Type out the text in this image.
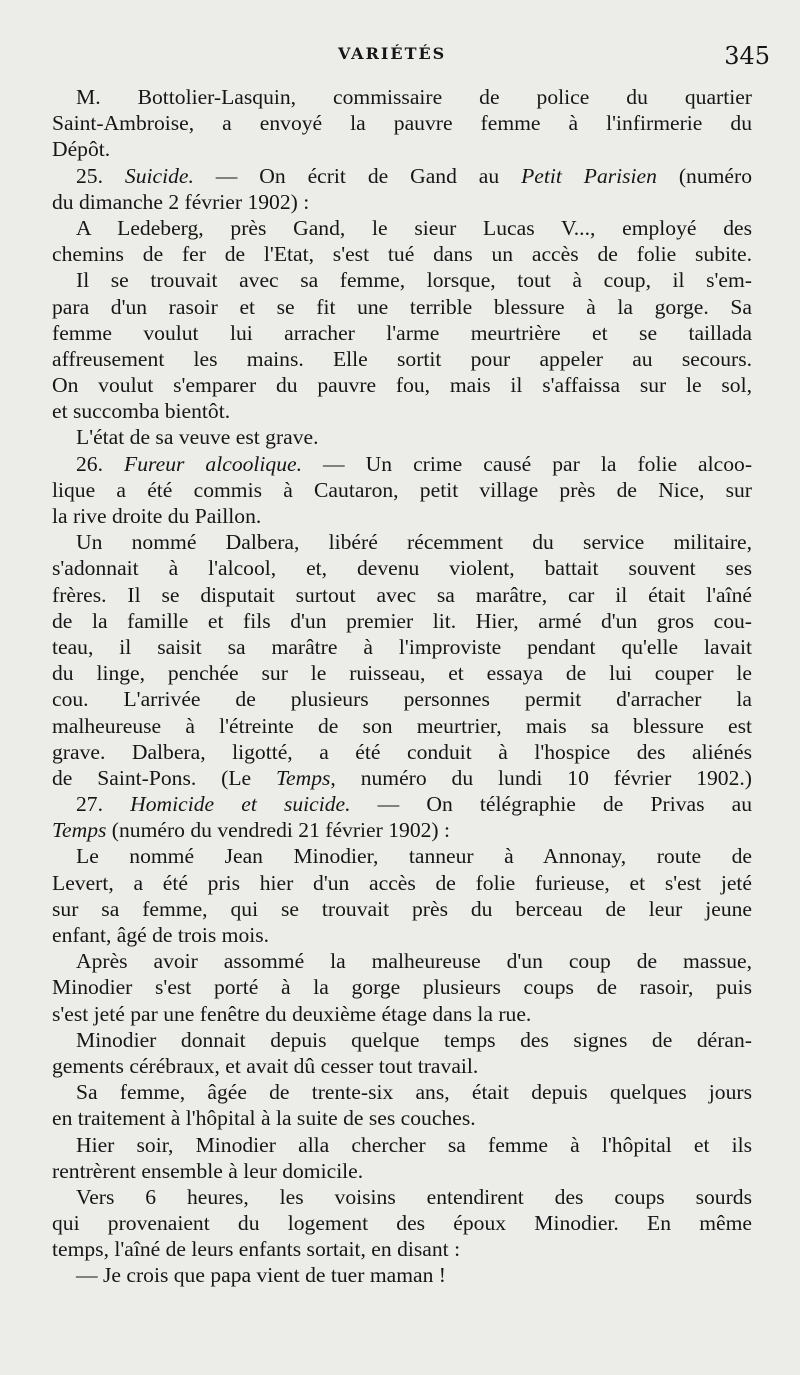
VARIÉTÉS	345
M. Bottolier-Lasquin, commissaire de police du quartier
Saint-Ambroise, a envoyé la pauvre femme à l'infirmerie du
Dépôt.
25. Suicide. — On écrit de Gand au Petit Parisien (numéro
du dimanche 2 février 1902) :
A Ledeberg, près Gand, le sieur Lucas V..., employé des
chemins de fer de l'Etat, s'est tué dans un accès de folie subite.
Il se trouvait avec sa femme, lorsque, tout à coup, il s'em-
para d'un rasoir et se fit une terrible blessure à la gorge. Sa
femme voulut lui arracher l'arme meurtrière et se taillada
affreusement les mains. Elle sortit pour appeler au secours.
On voulut s'emparer du pauvre fou, mais il s'affaissa sur le sol,
et succomba bientôt.
L'état de sa veuve est grave.
26. Fureur alcoolique. — Un crime causé par la folie alcoo-
lique a été commis à Cautaron, petit village près de Nice, sur
la rive droite du Paillon.
Un nommé Dalbera, libéré récemment du service militaire,
s'adonnait à l'alcool, et, devenu violent, battait souvent ses
frères. Il se disputait surtout avec sa marâtre, car il était l'aîné
de la famille et fils d'un premier lit. Hier, armé d'un gros cou-
teau, il saisit sa marâtre à l'improviste pendant qu'elle lavait
du linge, penchée sur le ruisseau, et essaya de lui couper le
cou. L'arrivée de plusieurs personnes permit d'arracher la
malheureuse à l'étreinte de son meurtrier, mais sa blessure est
grave. Dalbera, ligotté, a été conduit à l'hospice des aliénés
de Saint-Pons. (Le Temps, numéro du lundi 10 février 1902.)
27. Homicide et suicide. — On télégraphie de Privas au
Temps (numéro du vendredi 21 février 1902) :
Le nommé Jean Minodier, tanneur à Annonay, route de
Levert, a été pris hier d'un accès de folie furieuse, et s'est jeté
sur sa femme, qui se trouvait près du berceau de leur jeune
enfant, âgé de trois mois.
Après avoir assommé la malheureuse d'un coup de massue,
Minodier s'est porté à la gorge plusieurs coups de rasoir, puis
s'est jeté par une fenêtre du deuxième étage dans la rue.
Minodier donnait depuis quelque temps des signes de déran-
gements cérébraux, et avait dû cesser tout travail.
Sa femme, âgée de trente-six ans, était depuis quelques jours
en traitement à l'hôpital à la suite de ses couches.
Hier soir, Minodier alla chercher sa femme à l'hôpital et ils
rentrèrent ensemble à leur domicile.
Vers 6 heures, les voisins entendirent des coups sourds
qui provenaient du logement des époux Minodier. En même
temps, l'aîné de leurs enfants sortait, en disant :
— Je crois que papa vient de tuer maman !
